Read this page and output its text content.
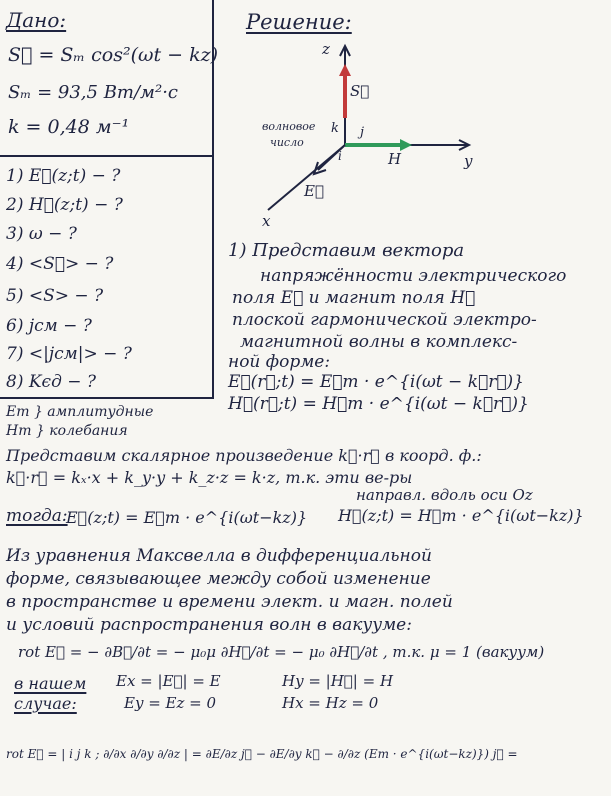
Дано:
S⃗ = Sₘ cos²(ωt − kz)
Sₘ = 93,5 Вт/м²·с
k = 0,48 м⁻¹
1) E⃗(z;t) − ?
2) H⃗(z;t) − ?
3) ω − ?
4) <S⃗> − ?
5) <S> − ?
6) jсм − ?
7) <|jсм|> − ?
8) Kєд − ?
Решение:
z
y
x
S⃗
H
E⃗
k j
i
волновое
число
1) Представим вектора
напряжённости электрического
поля E⃗ и магнит поля H⃗
плоской гармонической электро-
магнитной волны в комплекс-
ной форме:
E⃗(r⃗;t) = E⃗m · e^{i(ωt − k⃗r⃗)}
H⃗(r⃗;t) = H⃗m · e^{i(ωt − k⃗r⃗)}
Em } амплитудные
Hm } колебания
Представим скалярное произведение k⃗·r⃗ в коорд. ф.:
k⃗·r⃗ = kₓ·x + k_y·y + k_z·z = k·z, т.к. эти ве-ры
направл. вдоль оси Oz
тогда:
E⃗(z;t) = E⃗m · e^{i(ωt−kz)} H⃗(z;t) = H⃗m · e^{i(ωt−kz)}
Из уравнения Максвелла в дифференциальной
форме, связывающее между собой изменение
в пространстве и времени элект. и магн. полей
и условий распространения волн в вакууме:
rot E⃗ = − ∂B⃗/∂t = − μ₀μ ∂H⃗/∂t = − μ₀ ∂H⃗/∂t , т.к. μ = 1 (вакуум)
в нашем
случае:
Ex = |E⃗| = E	Hy = |H⃗| = H
Ey = Ez = 0	Hx = Hz = 0
rot E⃗ = | i j k ; ∂/∂x ∂/∂y ∂/∂z | = ∂E/∂z j⃗ − ∂E/∂y k⃗ − ∂/∂z (Em · e^{i(ωt−kz)}) j⃗ =
